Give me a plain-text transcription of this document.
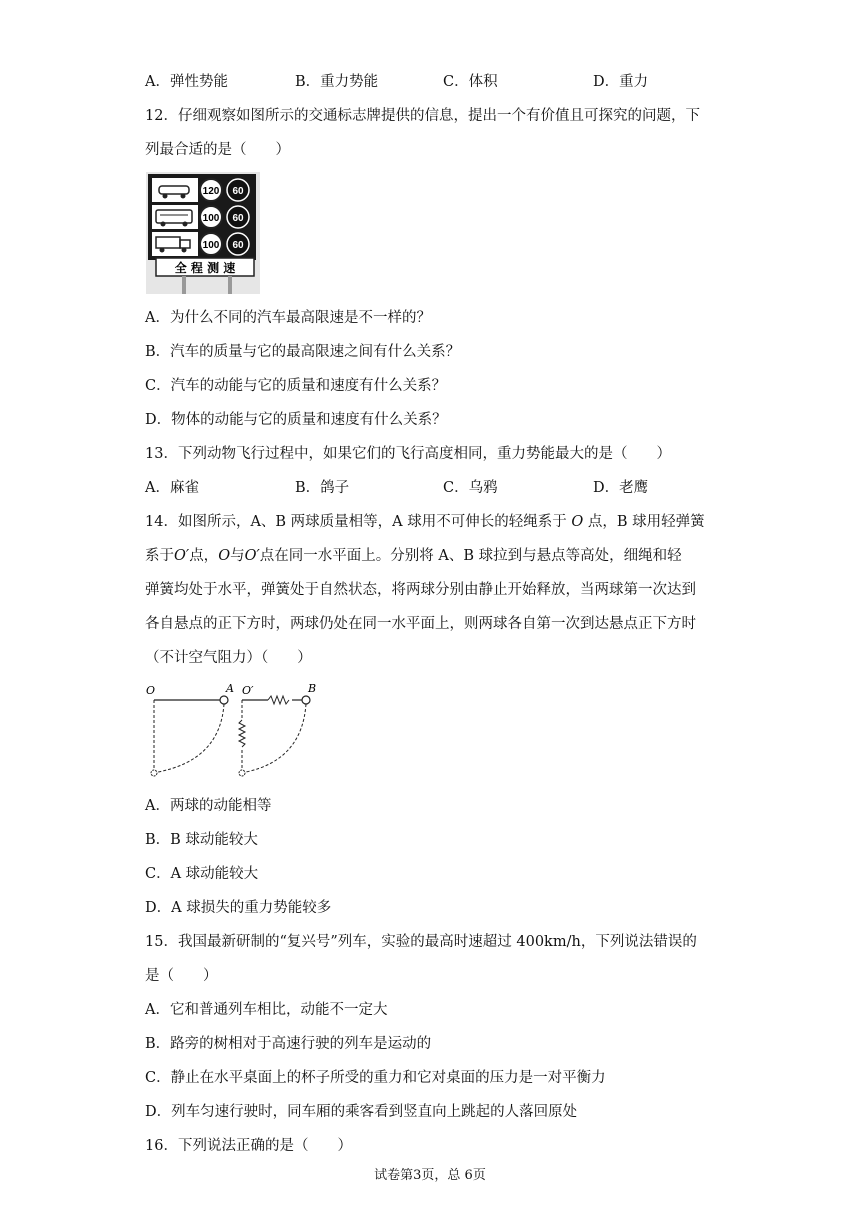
A．弹性势能	B．重力势能	C．体积	D．重力
12．仔细观察如图所示的交通标志牌提供的信息，提出一个有价值且可探究的问题，下
列最合适的是（　　）
120 60
100 60
100 60
全 程 测 速
A．为什么不同的汽车最高限速是不一样的？
B．汽车的质量与它的最高限速之间有什么关系？
C．汽车的动能与它的质量和速度有什么关系？
D．物体的动能与它的质量和速度有什么关系？
13．下列动物飞行过程中，如果它们的飞行高度相同，重力势能最大的是（　　）
A．麻雀	B．鸽子	C．乌鸦	D．老鹰
14．如图所示，A、B 两球质量相等，A 球用不可伸长的轻绳系于 O 点，B 球用轻弹簧
系于O′点，O与O′点在同一水平面上。分别将 A、B 球拉到与悬点等高处，细绳和轻
弹簧均处于水平，弹簧处于自然状态，将两球分别由静止开始释放，当两球第一次达到
各自悬点的正下方时，两球仍处在同一水平面上，则两球各自第一次到达悬点正下方时
（不计空气阻力）（　　）
O	A O′	B
A．两球的动能相等
B．B 球动能较大
C．A 球动能较大
D．A 球损失的重力势能较多
15．我国最新研制的“复兴号”列车，实验的最高时速超过 400km/h，下列说法错误的
是（　　）
A．它和普通列车相比，动能不一定大
B．路旁的树相对于高速行驶的列车是运动的
C．静止在水平桌面上的杯子所受的重力和它对桌面的压力是一对平衡力
D．列车匀速行驶时，同车厢的乘客看到竖直向上跳起的人落回原处
16．下列说法正确的是（　　）
试卷第3页，总 6页
